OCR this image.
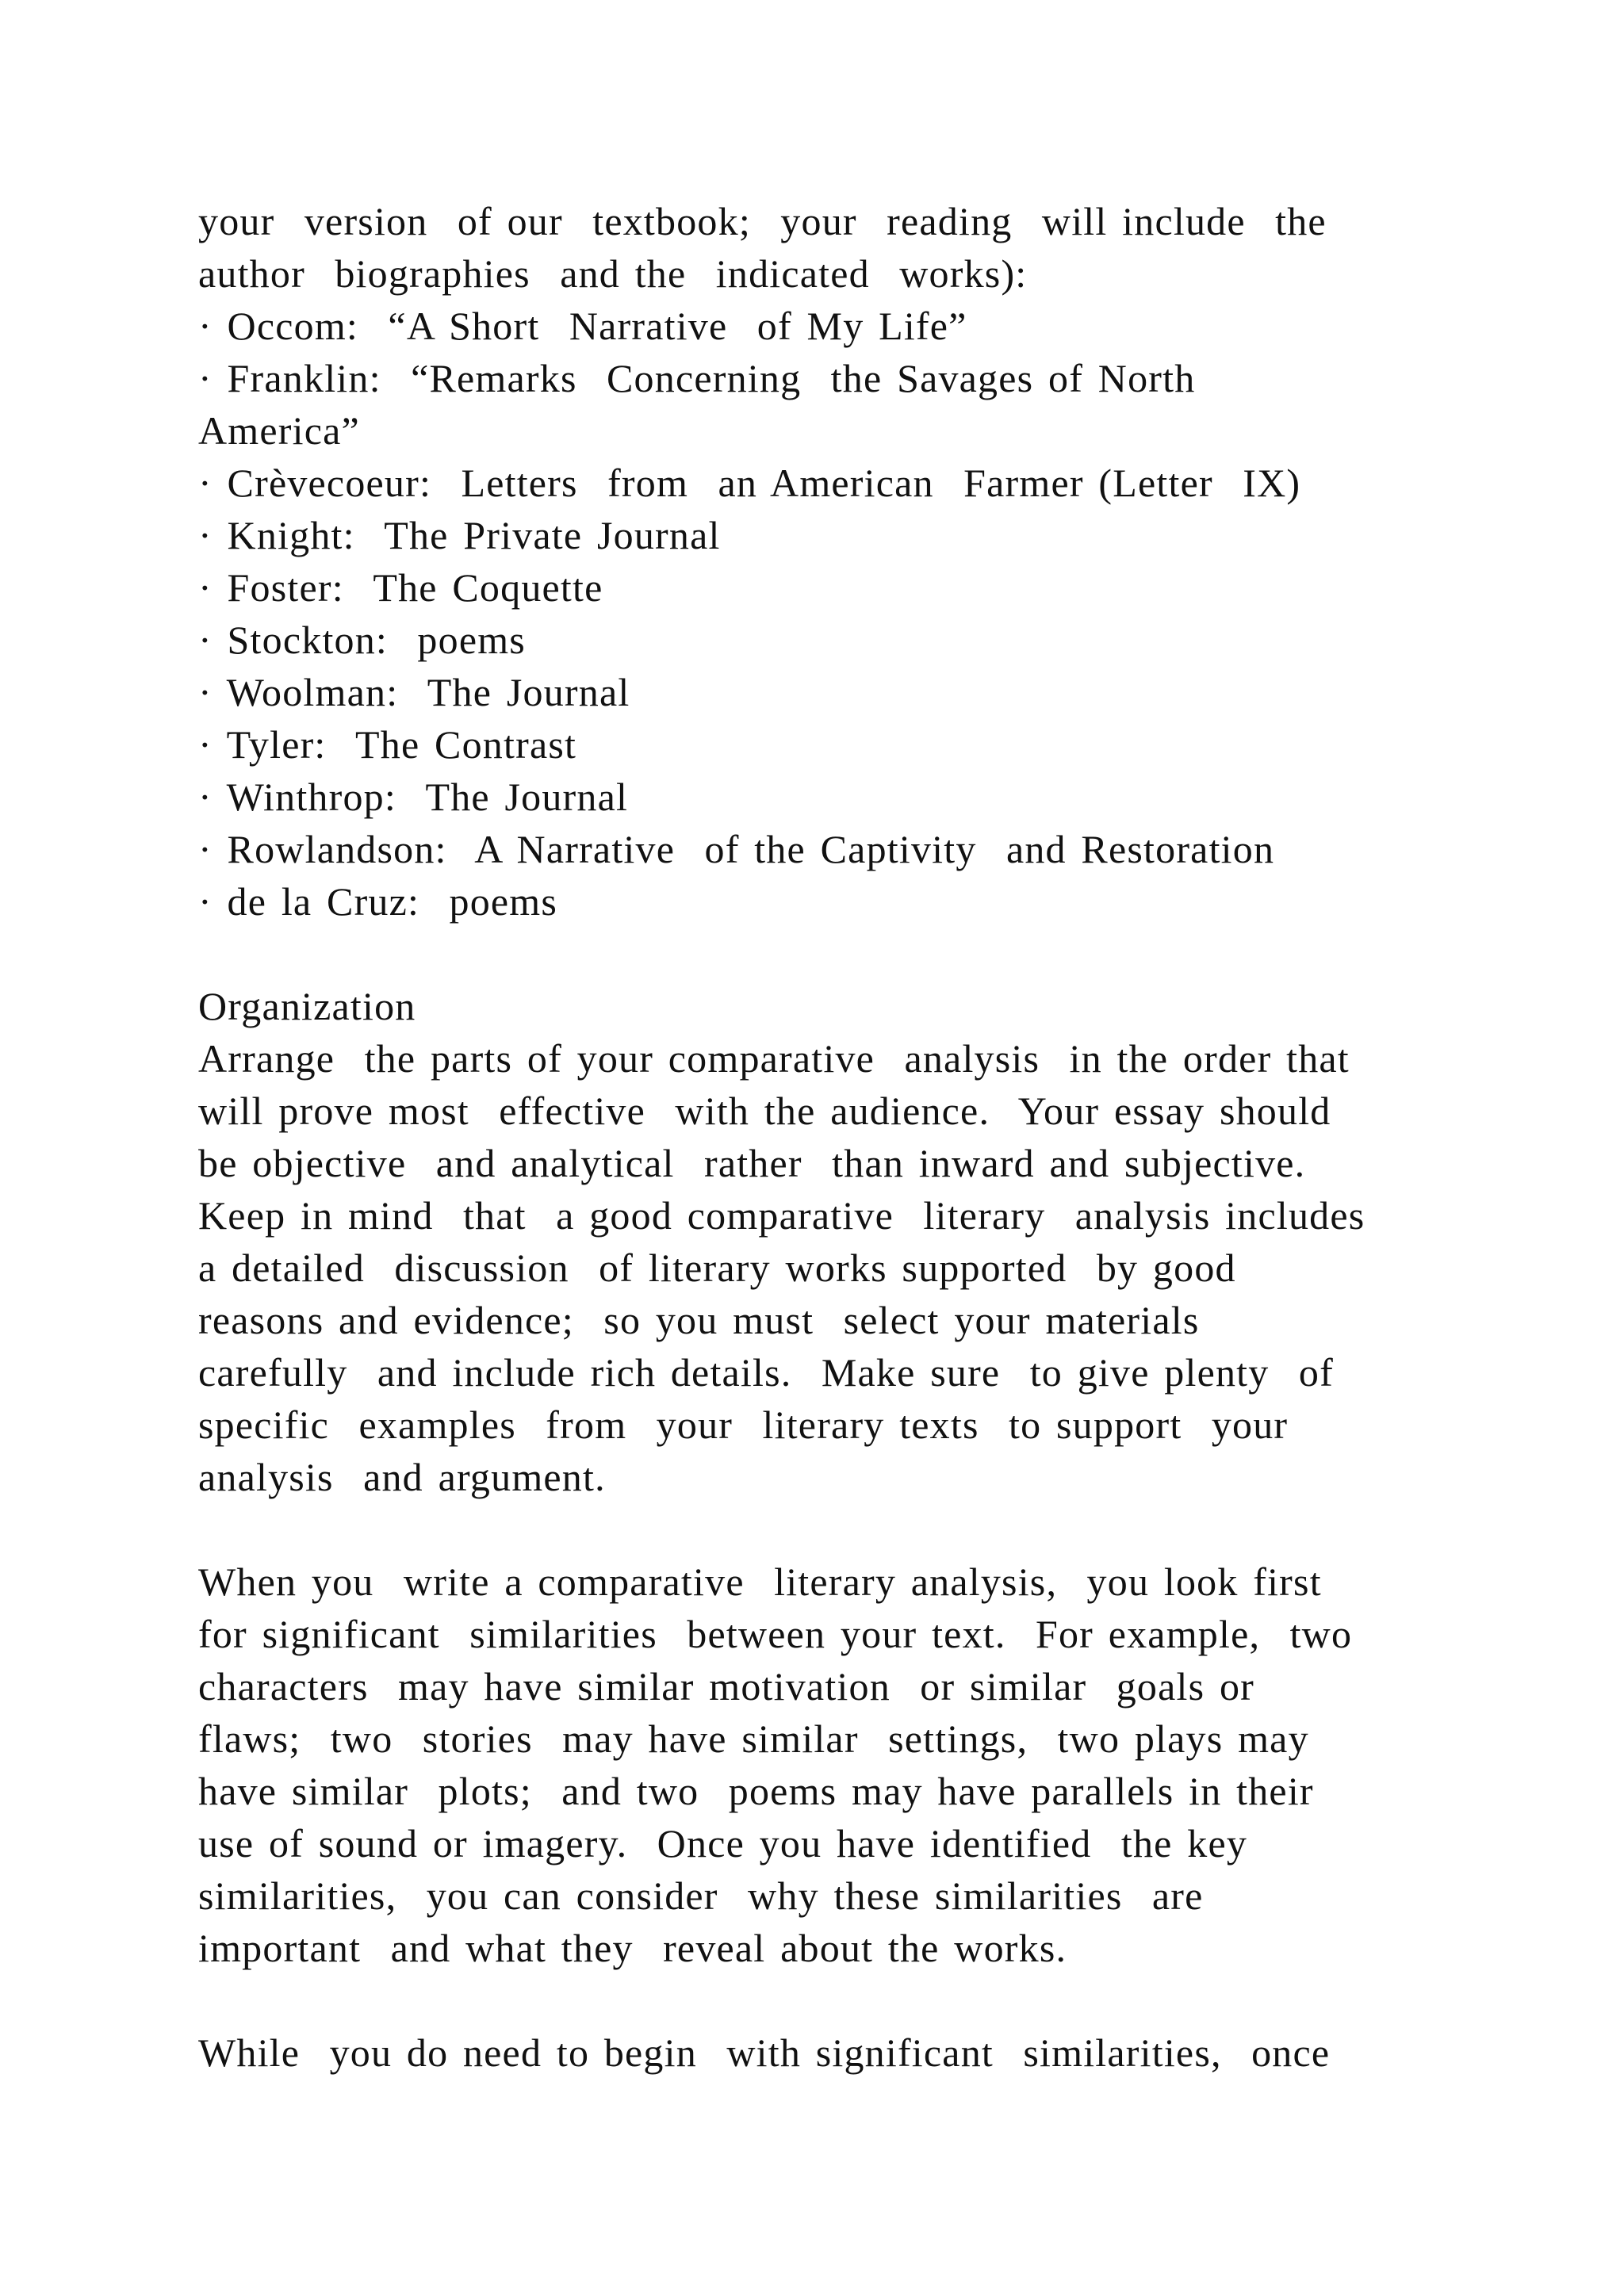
your  version  of our  textbook;  your  reading  will include  the
author  biographies  and the  indicated  works):
· Occom:  “A Short  Narrative  of My Life”
· Franklin:  “Remarks  Concerning  the Savages of North
America”
· Crèvecoeur:  Letters  from  an American  Farmer (Letter  IX)
· Knight:  The Private Journal
· Foster:  The Coquette
· Stockton:  poems
· Woolman:  The Journal
· Tyler:  The Contrast
· Winthrop:  The Journal
· Rowlandson:  A Narrative  of the Captivity  and Restoration
· de la Cruz:  poems
Organization
Arrange  the parts of your comparative  analysis  in the order that
will prove most  effective  with the audience.  Your essay should
be objective  and analytical  rather  than inward and subjective.
Keep in mind  that  a good comparative  literary  analysis includes
a detailed  discussion  of literary works supported  by good
reasons and evidence;  so you must  select your materials
carefully  and include rich details.  Make sure  to give plenty  of
specific  examples  from  your  literary texts  to support  your
analysis  and argument.
When you  write a comparative  literary analysis,  you look first
for significant  similarities  between your text.  For example,  two
characters  may have similar motivation  or similar  goals or
flaws;  two  stories  may have similar  settings,  two plays may
have similar  plots;  and two  poems may have parallels in their
use of sound or imagery.  Once you have identified  the key
similarities,  you can consider  why these similarities  are
important  and what they  reveal about the works.
While  you do need to begin  with significant  similarities,  once
